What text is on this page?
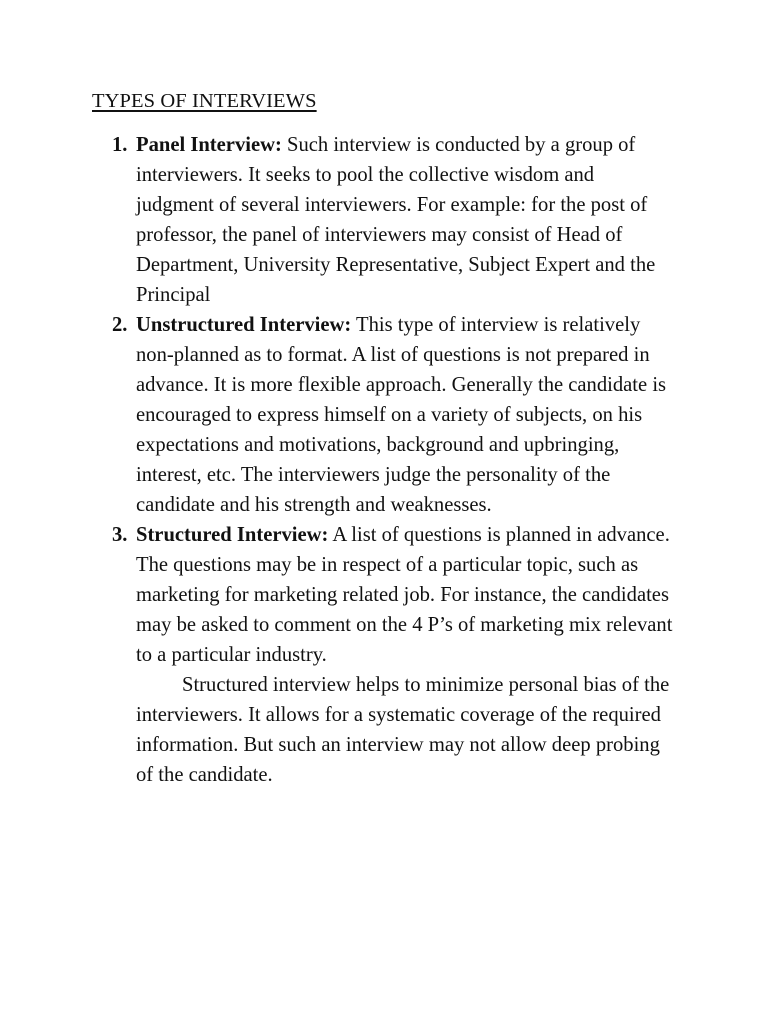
TYPES OF INTERVIEWS
1. Panel Interview: Such interview is conducted by a group of interviewers. It seeks to pool the collective wisdom and judgment of several interviewers. For example: for the post of professor, the panel of interviewers may consist of Head of Department, University Representative, Subject Expert and the Principal

2. Unstructured Interview: This type of interview is relatively non-planned as to format. A list of questions is not prepared in advance. It is more flexible approach. Generally the candidate is encouraged to express himself on a variety of subjects, on his expectations and motivations, background and upbringing, interest, etc. The interviewers judge the personality of the candidate and his strength and weaknesses.

3. Structured Interview: A list of questions is planned in advance. The questions may be in respect of a particular topic, such as marketing for marketing related job. For instance, the candidates may be asked to comment on the 4 P’s of marketing mix relevant to a particular industry.

Structured interview helps to minimize personal bias of the interviewers. It allows for a systematic coverage of the required information. But such an interview may not allow deep probing of the candidate.
